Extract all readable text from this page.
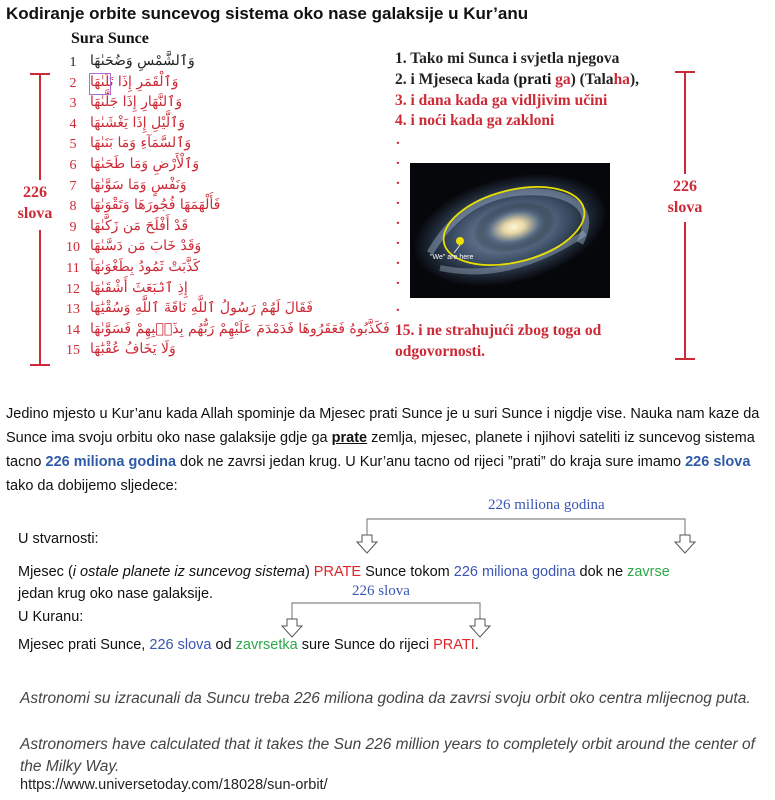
Kodiranje orbite suncevog sistema oko nase galaksije u Kur’anu
Sura Sunce
1 وَٱلشَّمْسِ وَضُحَىٰهَا
2 وَٱلْقَمَرِ إِذَا تَلَىٰهَا
3 وَٱلنَّهَارِ إِذَا جَلَّىٰهَا
4 وَٱلَّيْلِ إِذَا يَغْشَىٰهَا
5 وَٱلسَّمَآءِ وَمَا بَنَىٰهَا
6 وَٱلْأَرْضِ وَمَا طَحَىٰهَا
7 وَنَفْسٍ وَمَا سَوَّىٰهَا
8 فَأَلْهَمَهَا فُجُورَهَا وَتَقْوَىٰهَا
9 قَدْ أَفْلَحَ مَن زَكَّىٰهَا
10 وَقَدْ خَابَ مَن دَسَّىٰهَا
11 كَذَّبَتْ ثَمُودُ بِطَغْوَىٰهَآ
12 إِذِ ٱنۢبَعَثَ أَشْقَىٰهَا
13 فَقَالَ لَهُمْ رَسُولُ ٱللَّهِ نَاقَةَ ٱللَّهِ وَسُقْيَٰهَا
14 فَكَذَّبُوهُ فَعَقَرُوهَا فَدَمْدَمَ عَلَيْهِمْ رَبُّهُم بِذَنۢبِهِمْ فَسَوَّىٰهَا
15 وَلَا يَخَافُ عُقْبَٰهَا
226
slova
1. Tako mi Sunca i svjetla njegova
2. i Mjeseca kada (prati ga) (Talaha),
3. i dana kada ga vidljivim učini
4. i noći kada ga zakloni
.
.
.
.
.
.
.
.
.
15. i ne strahujući zbog toga od
odgovornosti.
"We" are here
226
slova
Jedino mjesto u Kur’anu kada Allah spominje da Mjesec prati Sunce je u suri Sunce i nigdje vise. Nauka nam kaze da Sunce ima svoju orbitu oko nase galaksije gdje ga prate zemlja, mjesec, planete i njihovi sateliti iz suncevog sistema tacno 226 miliona godina dok ne zavrsi jedan krug. U Kur’anu tacno od rijeci ”prati” do kraja sure imamo 226 slova tako da dobijemo sljedece:
226 miliona godina
U stvarnosti:
Mjesec (i ostale planete iz suncevog sistema) PRATE Sunce tokom 226 miliona godina dok ne zavrse
jedan krug oko nase galaksije.	226 slova
U Kuranu:
Mjesec prati Sunce, 226 slova od zavrsetka sure Sunce do rijeci PRATI.
Astronomi su izracunali da Suncu treba 226 miliona godina da zavrsi svoju orbit oko centra mlijecnog puta.
Astronomers have calculated that it takes the Sun 226 million years to completely orbit around the center of the Milky Way.
https://www.universetoday.com/18028/sun-orbit/
